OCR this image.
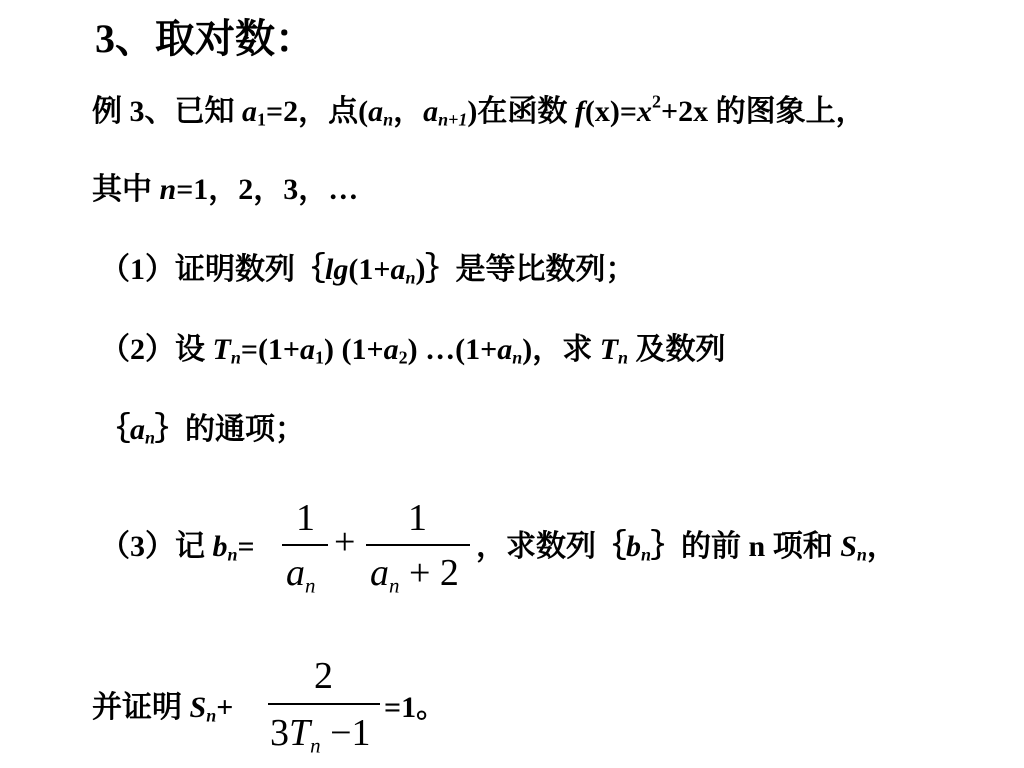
3、取对数：
例 3、已知 $a_1=2$，点($a_n$，$a_{n+1}$)在函数 $f(x)=x^2+2x$ 的图象上，
其中 n=1，2，3，…
（1）证明数列$\{\lg(1+a_n)\}$是等比数列；
（2）设 $T_n=(1+a_1)$ $(1+a_2)$ $\dots(1+a_n)$，求 $T_n$ 及数列
$\{a_n\}$的通项；
（3）记 $b_n=$
1
$a_n$
+
1
$a_n + 2$
，求数列$\{b_n\}$的前 n 项和 $S_n$，
并证明 $S_n+$
2
$3T_n -1$
=1。
